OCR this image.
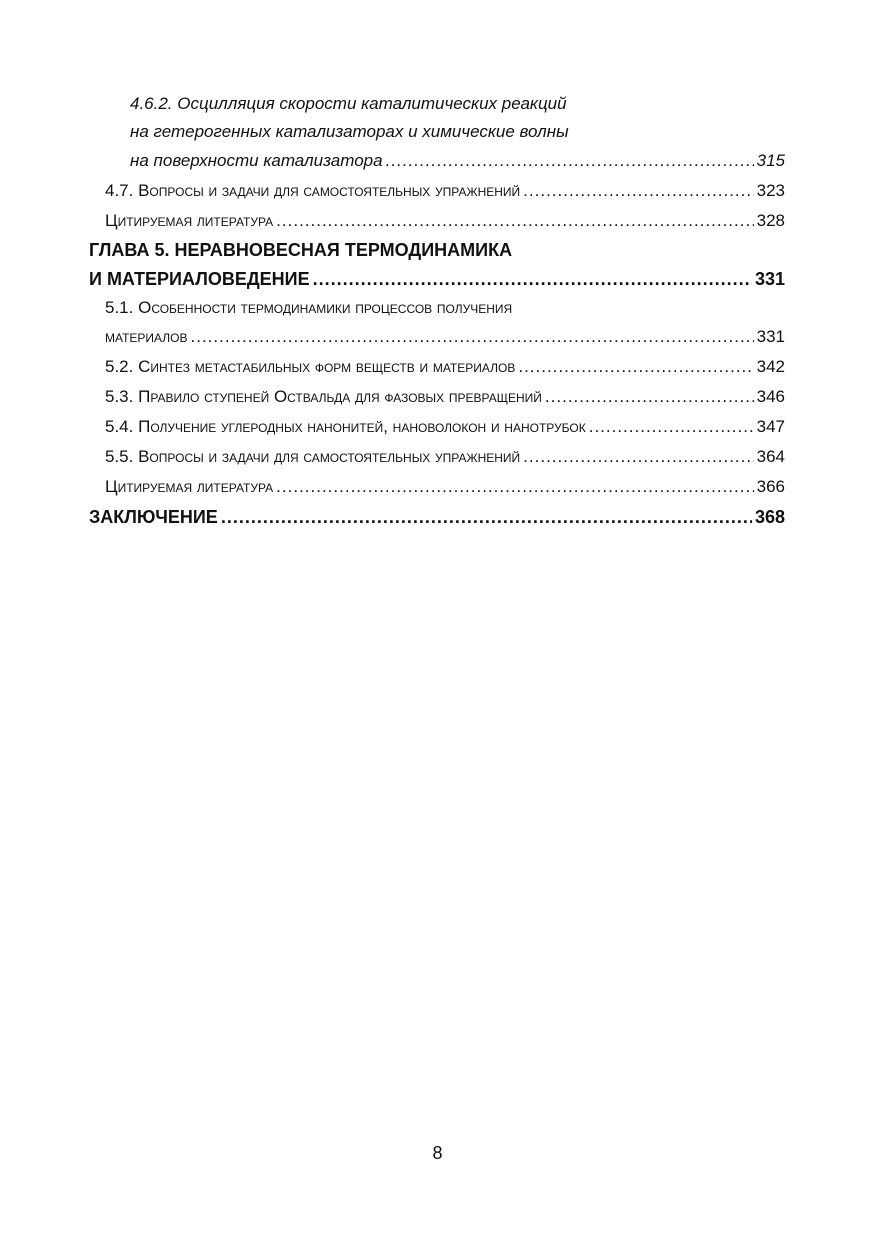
4.6.2. Осцилляция скорости каталитических реакций
на гетерогенных катализаторах и химические волны
на поверхности катализатора .....	315
4.7. Вопросы и задачи для самостоятельных упражнений .....	323
Цитируемая литература .....	328
ГЛАВА 5. НЕРАВНОВЕСНАЯ ТЕРМОДИНАМИКА
И МАТЕРИАЛОВЕДЕНИЕ .....	331
5.1. Особенности термодинамики процессов получения
материалов .....	331
5.2. Синтез метастабильных форм веществ и материалов .....	342
5.3. Правило ступеней Оствальда для фазовых превращений .....	346
5.4. Получение углеродных нанонитей, нановолокон и нанотрубок .....	347
5.5. Вопросы и задачи для самостоятельных упражнений .....	364
Цитируемая литература .....	366
ЗАКЛЮЧЕНИЕ .....	368
8
